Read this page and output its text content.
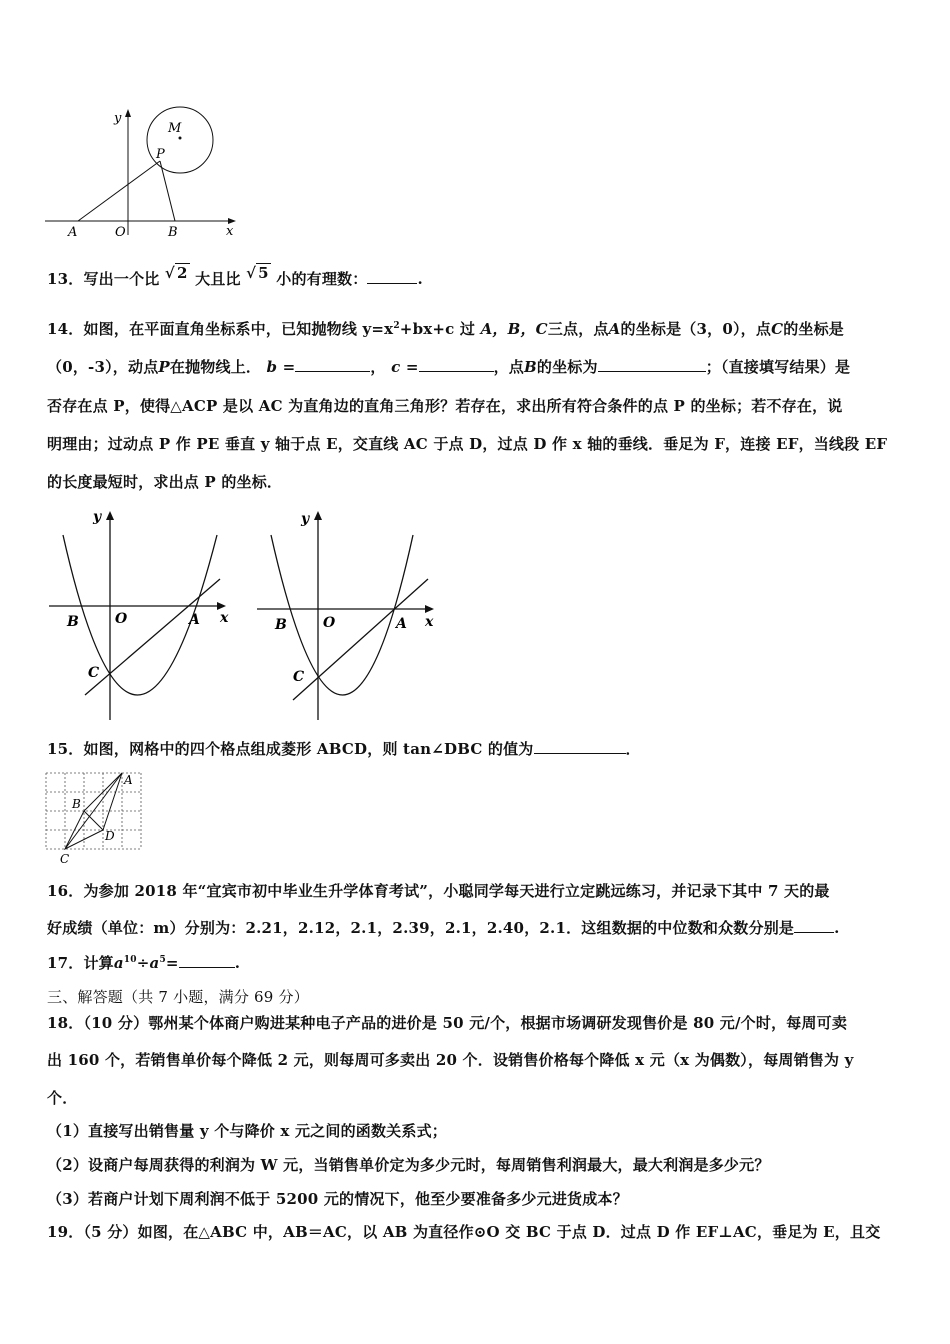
y
M
P
A	O	B	x
13．写出一个比 √ 2 大且比 √ 5 小的有理数：	.
14．如图，在平面直角坐标系中，已知抛物线 $y=x^2+bx+c$ 过 A，B，C三点，点A的坐标是（3，0），点C的坐标是
（0，-3），动点P在抛物线上． b =	， c =	，点B的坐标为	；（直接填写结果）是
否存在点 P，使得△ACP 是以 AC 为直角边的直角三角形？若存在，求出所有符合条件的点 P 的坐标；若不存在，说
明理由；过动点 P 作 PE 垂直 y 轴于点 E，交直线 AC 于点 D，过点 D 作 x 轴的垂线．垂足为 F，连接 EF，当线段 EF
的长度最短时，求出点 P 的坐标．
y
x
B	O	A
C
y
x
B	O	A
C
15．如图，网格中的四个格点组成菱形 ABCD，则 tan∠DBC 的值为	．
A
B
D
C
16．为参加 2018 年“宜宾市初中毕业生升学体育考试”，小聪同学每天进行立定跳远练习，并记录下其中 7 天的最
好成绩（单位：m）分别为：2.21，2.12，2.1，2.39，2.1，2.40，2.1．这组数据的中位数和众数分别是	.
17．计算$a^{10}\div a^5=$	.
三、解答题（共 7 小题，满分 69 分）
18．（10 分）鄂州某个体商户购进某种电子产品的进价是 50 元/个，根据市场调研发现售价是 80 元/个时，每周可卖
出 160 个，若销售单价每个降低 2 元，则每周可多卖出 20 个．设销售价格每个降低 x 元（x 为偶数），每周销售为 y
个．
（1）直接写出销售量 y 个与降价 x 元之间的函数关系式；
（2）设商户每周获得的利润为 W 元，当销售单价定为多少元时，每周销售利润最大，最大利润是多少元？
（3）若商户计划下周利润不低于 5200 元的情况下，他至少要准备多少元进货成本？
19．（5 分）如图，在△ABC 中，AB＝AC，以 AB 为直径作⊙O 交 BC 于点 D．过点 D 作 EF⊥AC，垂足为 E，且交
